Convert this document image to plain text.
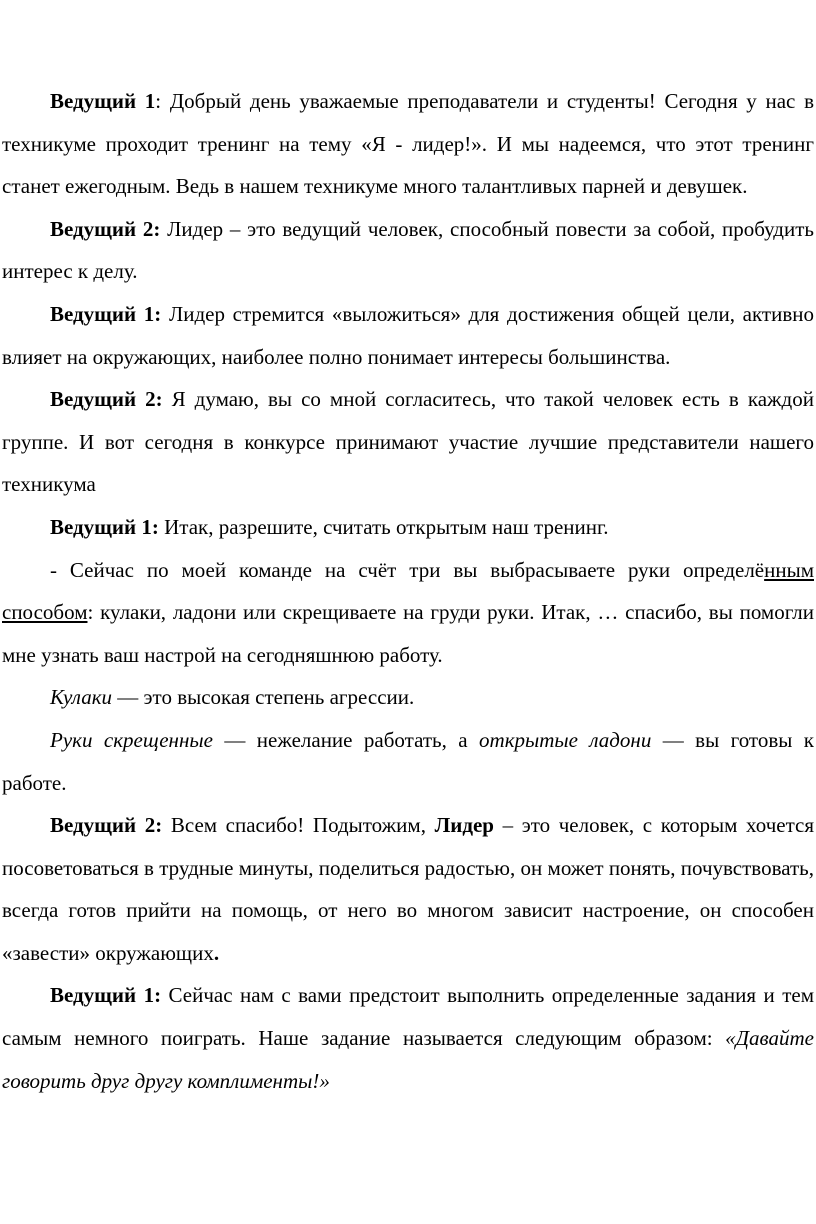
Ведущий 1: Добрый день уважаемые преподаватели и студенты! Сегодня у нас в техникуме проходит тренинг на тему «Я - лидер!». И мы надеемся, что этот тренинг станет ежегодным. Ведь в нашем техникуме много талантливых парней и девушек.

Ведущий 2: Лидер – это ведущий человек, способный повести за собой, пробудить интерес к делу.

Ведущий 1: Лидер стремится «выложиться» для достижения общей цели, активно влияет на окружающих, наиболее полно понимает интересы большинства.

Ведущий 2: Я думаю, вы со мной согласитесь, что такой человек есть в каждой группе. И вот сегодня в конкурсе принимают участие лучшие представители нашего техникума

Ведущий 1: Итак, разрешите, считать открытым наш тренинг.

- Сейчас по моей команде на счёт три вы выбрасываете руки определённым способом: кулаки, ладони или скрещиваете на груди руки. Итак, … спасибо, вы помогли мне узнать ваш настрой на сегодняшнюю работу.

Кулаки — это высокая степень агрессии.

Руки скрещенные — нежелание работать, а открытые ладони — вы готовы к работе.

Ведущий 2: Всем спасибо! Подытожим, Лидер – это человек, с которым хочется посоветоваться в трудные минуты, поделиться радостью, он может понять, почувствовать, всегда готов прийти на помощь, от него во многом зависит настроение, он способен «завести» окружающих.

Ведущий 1: Сейчас нам с вами предстоит выполнить определенные задания и тем самым немного поиграть. Наше задание называется следующим образом: «Давайте говорить друг другу комплименты!»
